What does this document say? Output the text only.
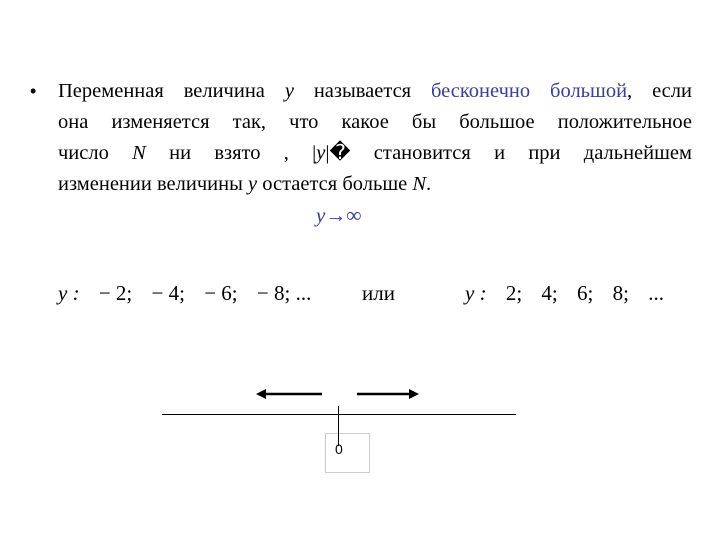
• Переменная величина y называется бесконечно большой, если
она изменяется так, что какое бы большое положительное
число N ни взято , |y|� становится и при дальнейшем
изменении величины y остается больше N.
y→∞
y : − 2; − 4; − 6; − 8; ...	или	y : 2; 4; 6; 8; ...
0
